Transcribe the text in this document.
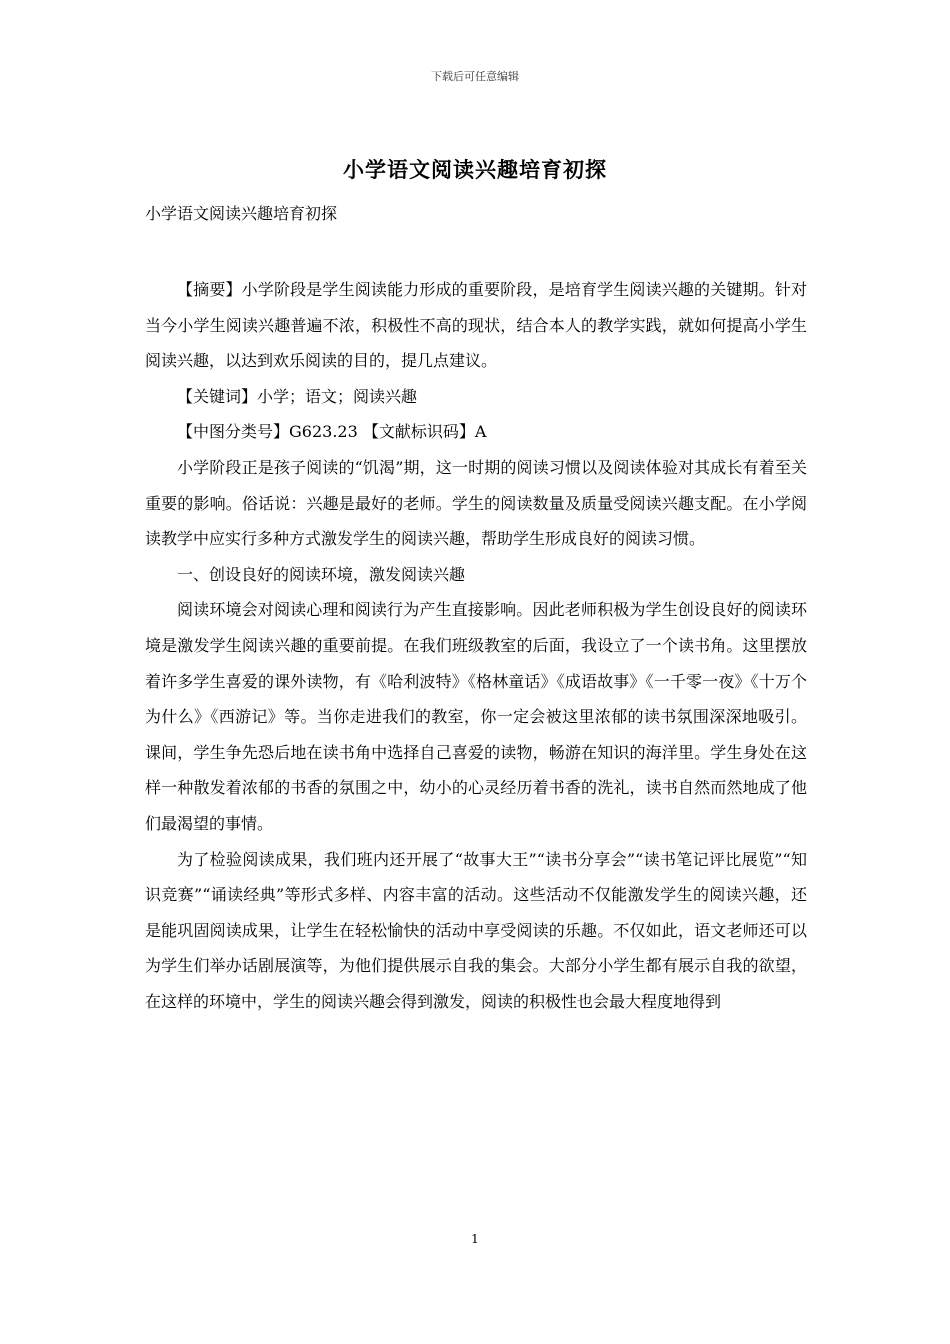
下载后可任意编辑
小学语文阅读兴趣培育初探
小学语文阅读兴趣培育初探

【摘要】小学阶段是学生阅读能力形成的重要阶段，是培育学生阅读兴趣的关键期。针对当今小学生阅读兴趣普遍不浓，积极性不高的现状，结合本人的教学实践，就如何提高小学生阅读兴趣，以达到欢乐阅读的目的，提几点建议。

【关键词】小学；语文；阅读兴趣

【中图分类号】G623.23 【文献标识码】A

小学阶段正是孩子阅读的“饥渴”期，这一时期的阅读习惯以及阅读体验对其成长有着至关重要的影响。俗话说：兴趣是最好的老师。学生的阅读数量及质量受阅读兴趣支配。在小学阅读教学中应实行多种方式激发学生的阅读兴趣，帮助学生形成良好的阅读习惯。

一、创设良好的阅读环境，激发阅读兴趣

阅读环境会对阅读心理和阅读行为产生直接影响。因此老师积极为学生创设良好的阅读环境是激发学生阅读兴趣的重要前提。在我们班级教室的后面，我设立了一个读书角。这里摆放着许多学生喜爱的课外读物，有《哈利波特》《格林童话》《成语故事》《一千零一夜》《十万个为什么》《西游记》等。当你走进我们的教室，你一定会被这里浓郁的读书氛围深深地吸引。课间，学生争先恐后地在读书角中选择自己喜爱的读物，畅游在知识的海洋里。学生身处在这样一种散发着浓郁的书香的氛围之中，幼小的心灵经历着书香的洗礼，读书自然而然地成了他们最渴望的事情。

为了检验阅读成果，我们班内还开展了“故事大王”“读书分享会”“读书笔记评比展览”“知识竞赛”“诵读经典”等形式多样、内容丰富的活动。这些活动不仅能激发学生的阅读兴趣，还是能巩固阅读成果，让学生在轻松愉快的活动中享受阅读的乐趣。不仅如此，语文老师还可以为学生们举办话剧展演等，为他们提供展示自我的集会。大部分小学生都有展示自我的欲望，在这样的环境中，学生的阅读兴趣会得到激发，阅读的积极性也会最大程度地得到

1
